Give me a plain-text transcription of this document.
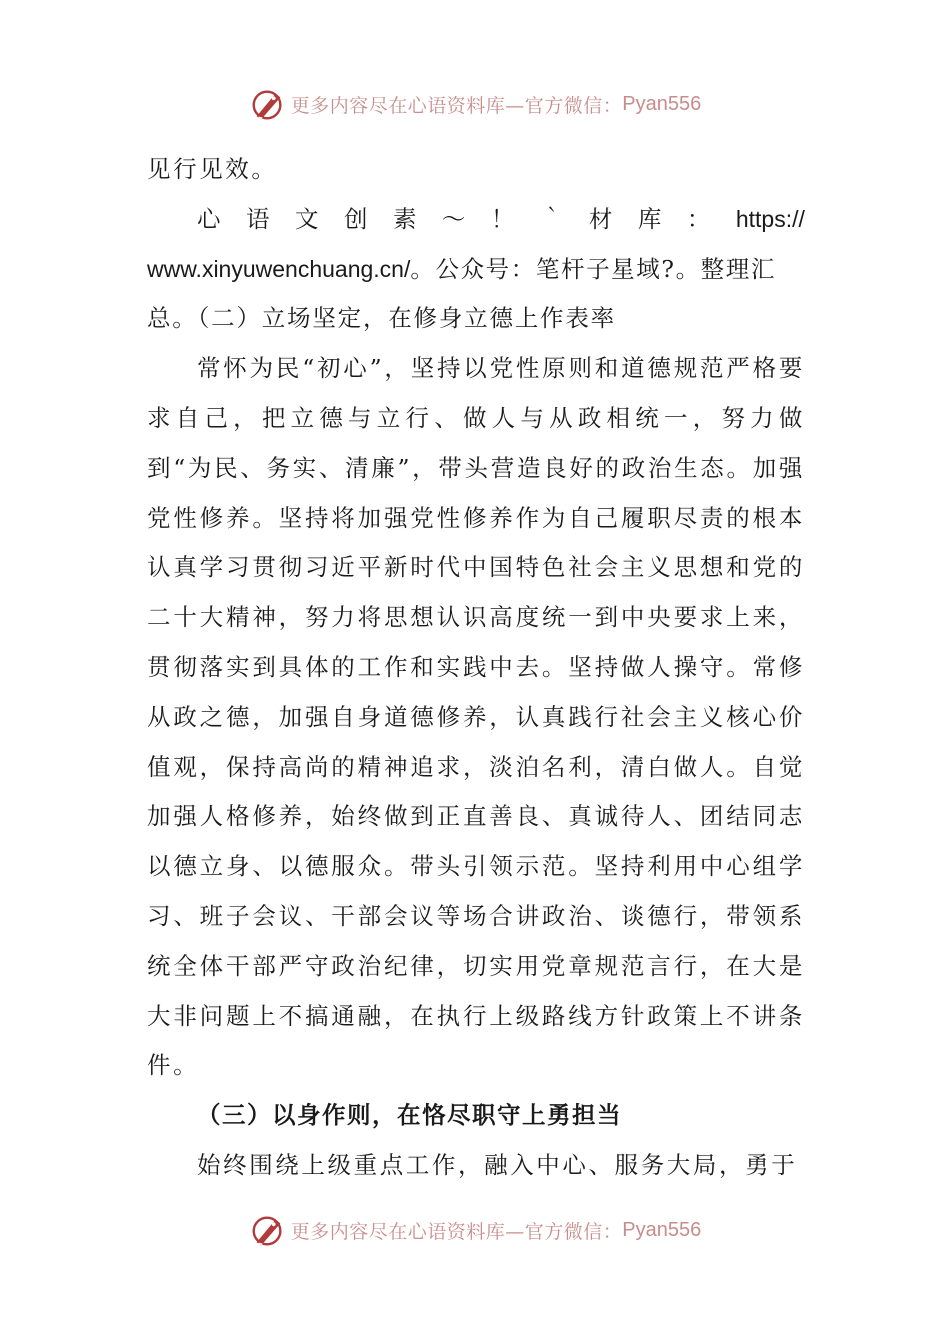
更多内容尽在心语资料库—官方微信： Pyan556

见行见效。

心 语 文 创 素 ～ ！ ｀ 材 库 ： https://

www.xinyuwenchuang.cn/。公众号：笔杆子星域?。整理汇

总。（二）立场坚定，在修身立德上作表率

常怀为民“初心”，坚持以党性原则和道德规范严格要求自己，把立德与立行、做人与从政相统一，努力做到“为民、务实、清廉”，带头营造良好的政治生态。加强党性修养。坚持将加强党性修养作为自己履职尽责的根本认真学习贯彻习近平新时代中国特色社会主义思想和党的二十大精神，努力将思想认识高度统一到中央要求上来，贯彻落实到具体的工作和实践中去。坚持做人操守。常修从政之德，加强自身道德修养，认真践行社会主义核心价值观，保持高尚的精神追求，淡泊名利，清白做人。自觉加强人格修养，始终做到正直善良、真诚待人、团结同志以德立身、以德服众。带头引领示范。坚持利用中心组学习、班子会议、干部会议等场合讲政治、谈德行，带领系统全体干部严守政治纪律，切实用党章规范言行，在大是大非问题上不搞通融，在执行上级路线方针政策上不讲条件。

（三）以身作则，在恪尽职守上勇担当

始终围绕上级重点工作，融入中心、服务大局，勇于

更多内容尽在心语资料库—官方微信： Pyan556
